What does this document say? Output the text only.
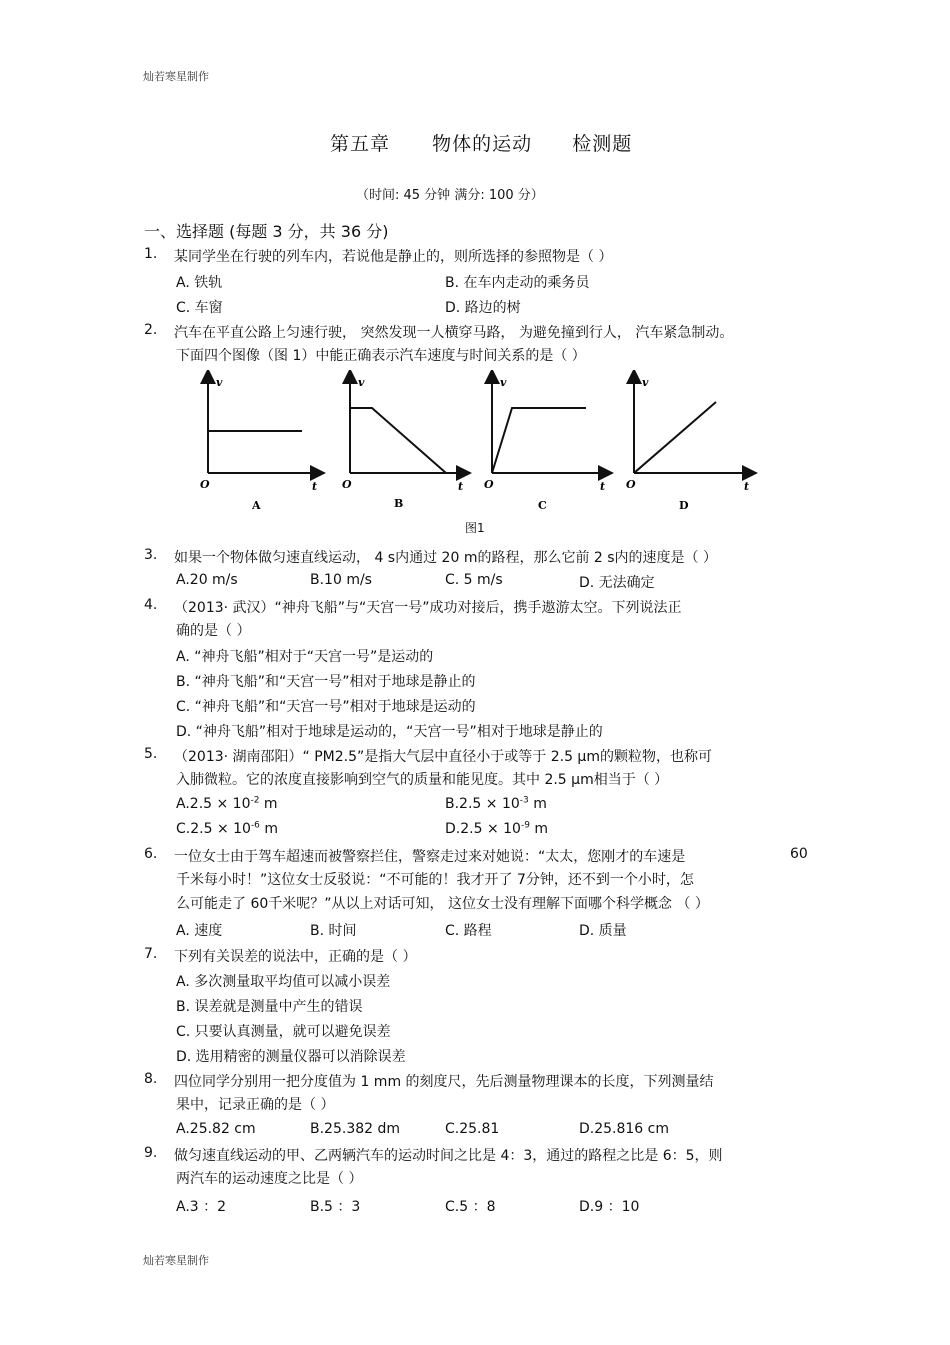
灿若寒星制作
第五章 物体的运动 检测题
（时间: 45 分钟 满分: 100 分）
一、选择题 (每题 3 分，共 36 分)
1. 某同学坐在行驶的列车内，若说他是静止的，则所选择的参照物是（ ）
A. 铁轨	B. 在车内走动的乘务员
C. 车窗	D. 路边的树
2. 汽车在平直公路上匀速行驶， 突然发现一人横穿马路， 为避免撞到行人， 汽车紧急制动。
下面四个图像（图 1）中能正确表示汽车速度与时间关系的是（ ）
v
t
O
A
v
t
O
B
v
t
O
C
v
t
O
D
图1
3. 如果一个物体做匀速直线运动， 4 s内通过 20 m的路程，那么它前 2 s内的速度是（ ）
A.20 m/s	B.10 m/s	C. 5 m/s	D. 无法确定
4. （2013· 武汉）“神舟飞船”与“天宫一号”成功对接后，携手遨游太空。下列说法正
确的是（ ）
A. “神舟飞船”相对于“天宫一号”是运动的
B. “神舟飞船”和“天宫一号”相对于地球是静止的
C. “神舟飞船”和“天宫一号”相对于地球是运动的
D. “神舟飞船”相对于地球是运动的，“天宫一号”相对于地球是静止的
5. （2013· 湖南邵阳）“ PM2.5”是指大气层中直径小于或等于 2.5 μm的颗粒物，也称可
入肺微粒。它的浓度直接影响到空气的质量和能见度。其中 2.5 μm相当于（ ）
$A.2.5 \times 10^{-2}$ m	$B.2.5 \times 10^{-3}$ m
$C.2.5 \times 10^{-6}$ m	$D.2.5 \times 10^{-9}$ m
6. 一位女士由于驾车超速而被警察拦住，警察走过来对她说：“太太，您刚才的车速是	60
千米每小时！”这位女士反驳说：“不可能的！我才开了 7分钟，还不到一个小时，怎
么可能走了 60千米呢？”从以上对话可知， 这位女士没有理解下面哪个科学概念 （ ）
A. 速度	B. 时间	C. 路程	D. 质量
7. 下列有关误差的说法中，正确的是（ ）
A. 多次测量取平均值可以减小误差
B. 误差就是测量中产生的错误
C. 只要认真测量，就可以避免误差
D. 选用精密的测量仪器可以消除误差
8. 四位同学分别用一把分度值为 1 mm 的刻度尺，先后测量物理课本的长度，下列测量结
果中，记录正确的是（ ）
A.25.82 cm	B.25.382 dm	C.25.81	D.25.816 cm
9. 做匀速直线运动的甲、乙两辆汽车的运动时间之比是 4：3，通过的路程之比是 6：5，则
两汽车的运动速度之比是（ ）
A.3 ：2	B.5 ：3	C.5 ：8	D.9 ：10
灿若寒星制作
